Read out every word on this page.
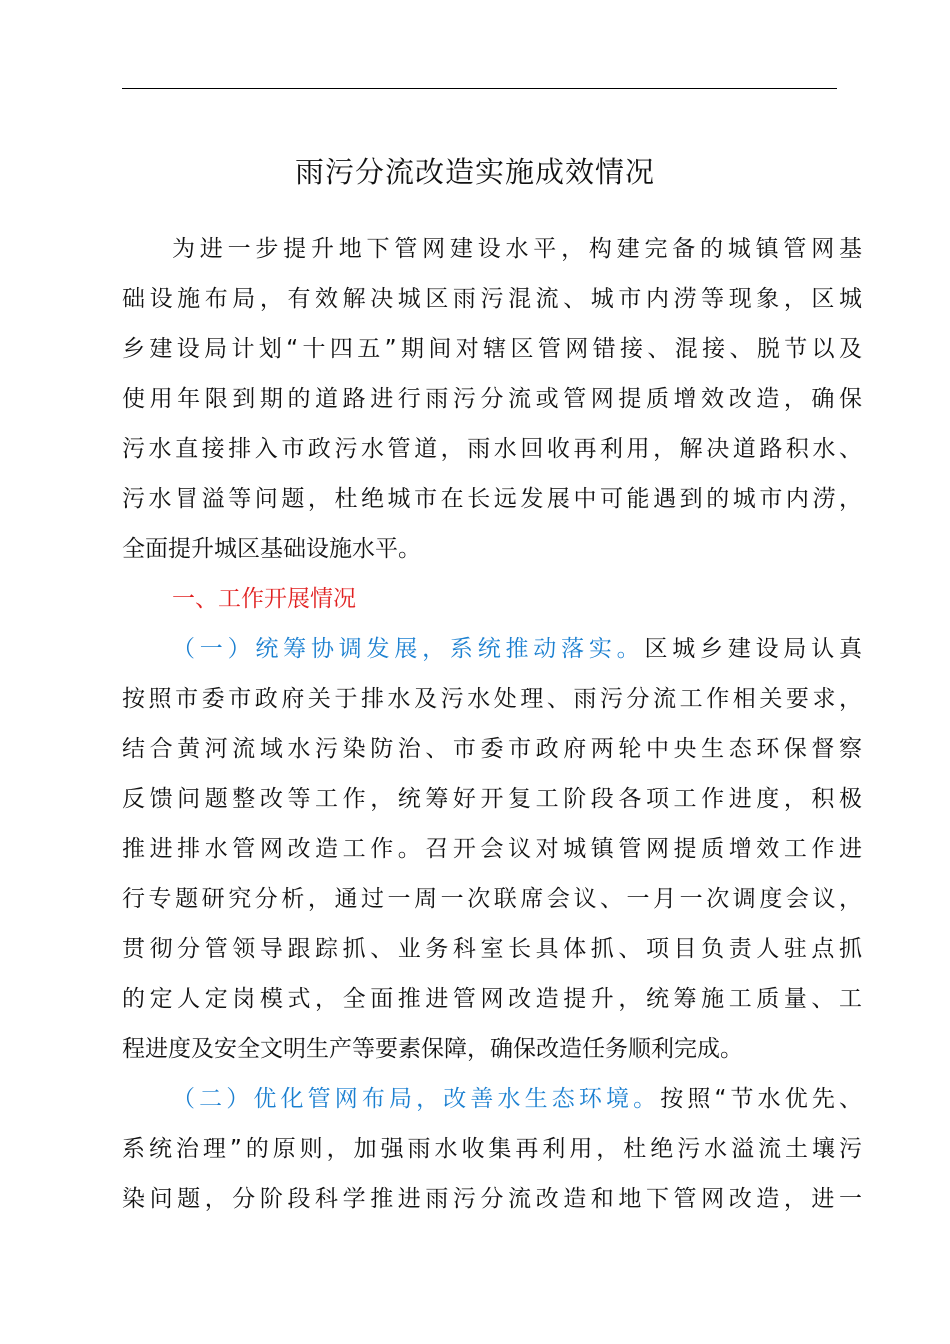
雨污分流改造实施成效情况
为进一步提升地下管网建设水平，构建完备的城镇管网基
础设施布局，有效解决城区雨污混流、城市内涝等现象，区城
乡建设局计划“十四五”期间对辖区管网错接、混接、脱节以及
使用年限到期的道路进行雨污分流或管网提质增效改造，确保
污水直接排入市政污水管道，雨水回收再利用，解决道路积水、
污水冒溢等问题，杜绝城市在长远发展中可能遇到的城市内涝，
全面提升城区基础设施水平。
一、工作开展情况
（一）统筹协调发展，系统推动落实。区城乡建设局认真
按照市委市政府关于排水及污水处理、雨污分流工作相关要求，
结合黄河流域水污染防治、市委市政府两轮中央生态环保督察
反馈问题整改等工作，统筹好开复工阶段各项工作进度，积极
推进排水管网改造工作。召开会议对城镇管网提质增效工作进
行专题研究分析，通过一周一次联席会议、一月一次调度会议，
贯彻分管领导跟踪抓、业务科室长具体抓、项目负责人驻点抓
的定人定岗模式，全面推进管网改造提升，统筹施工质量、工
程进度及安全文明生产等要素保障，确保改造任务顺利完成。
（二）优化管网布局，改善水生态环境。按照“节水优先、
系统治理”的原则，加强雨水收集再利用，杜绝污水溢流土壤污
染问题，分阶段科学推进雨污分流改造和地下管网改造，进一
